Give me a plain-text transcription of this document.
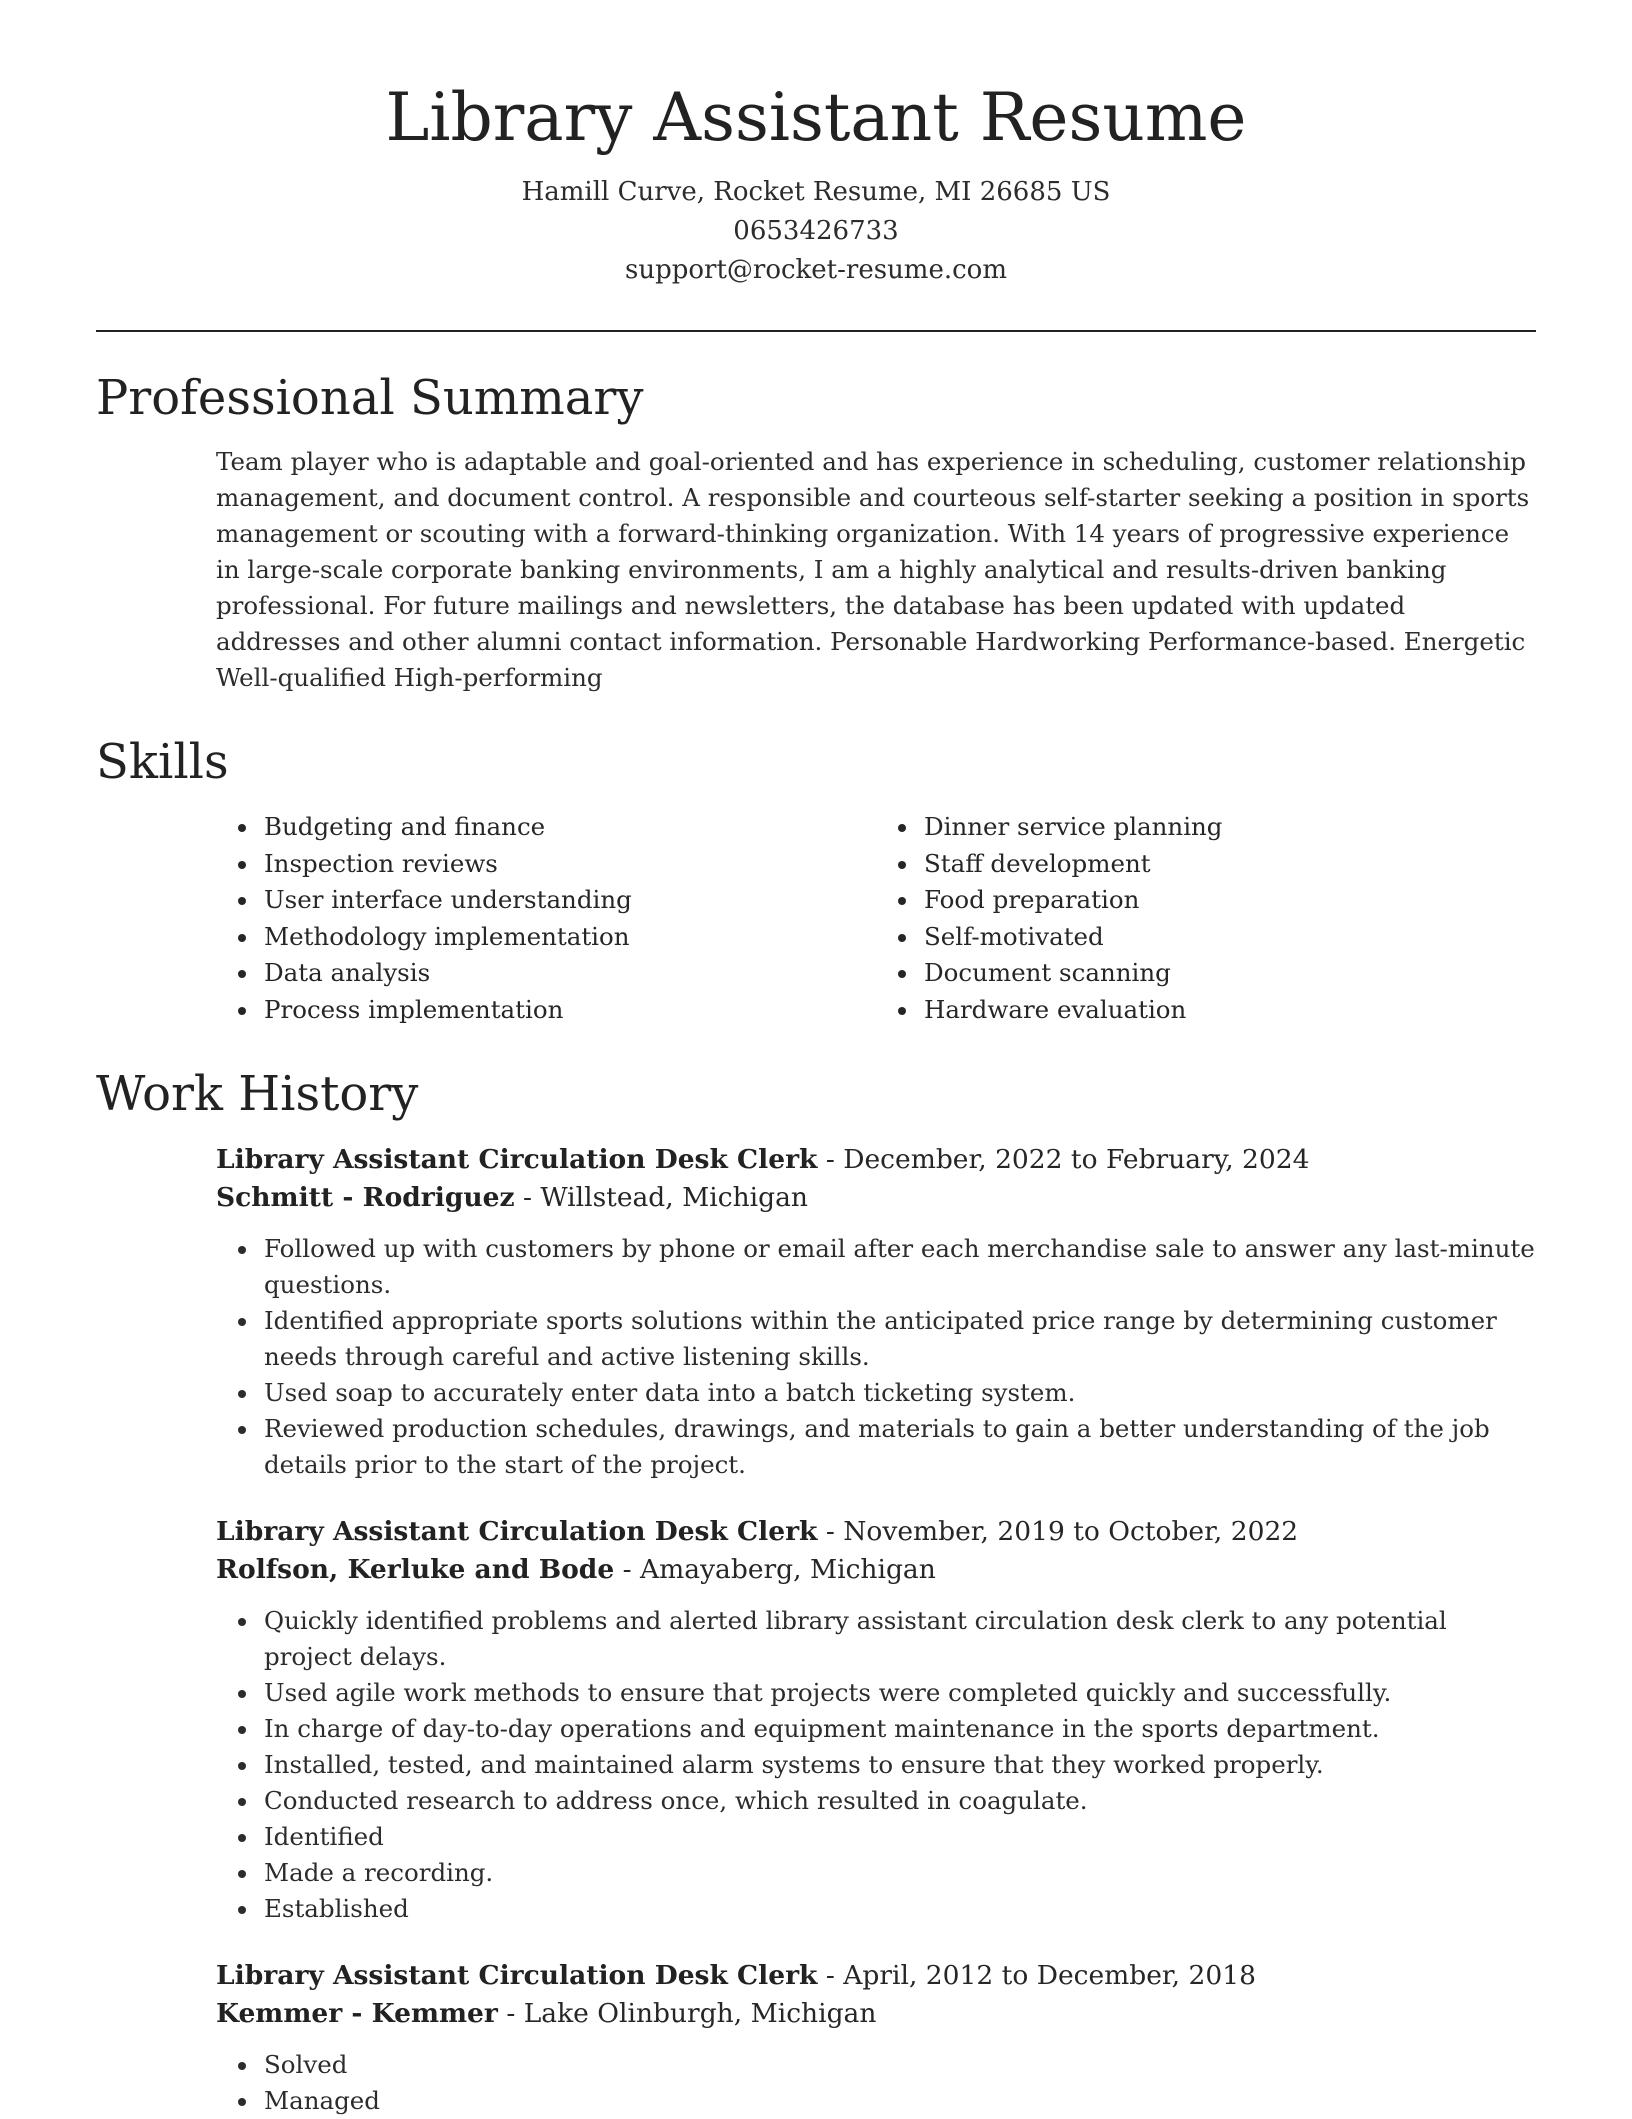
Library Assistant Resume
Hamill Curve, Rocket Resume, MI 26685 US
0653426733
support@rocket-resume.com
Professional Summary
Team player who is adaptable and goal-oriented and has experience in scheduling, customer relationship management, and document control. A responsible and courteous self-starter seeking a position in sports management or scouting with a forward-thinking organization. With 14 years of progressive experience in large-scale corporate banking environments, I am a highly analytical and results-driven banking professional. For future mailings and newsletters, the database has been updated with updated addresses and other alumni contact information. Personable Hardworking Performance-based. Energetic Well-qualified High-performing
Skills
• Budgeting and finance
• Inspection reviews
• User interface understanding
• Methodology implementation
• Data analysis
• Process implementation
• Dinner service planning
• Staff development
• Food preparation
• Self-motivated
• Document scanning
• Hardware evaluation
Work History
Library Assistant Circulation Desk Clerk - December, 2022 to February, 2024
Schmitt - Rodriguez - Willstead, Michigan
• Followed up with customers by phone or email after each merchandise sale to answer any last-minute questions.
• Identified appropriate sports solutions within the anticipated price range by determining customer needs through careful and active listening skills.
• Used soap to accurately enter data into a batch ticketing system.
• Reviewed production schedules, drawings, and materials to gain a better understanding of the job details prior to the start of the project.
Library Assistant Circulation Desk Clerk - November, 2019 to October, 2022
Rolfson, Kerluke and Bode - Amayaberg, Michigan
• Quickly identified problems and alerted library assistant circulation desk clerk to any potential project delays.
• Used agile work methods to ensure that projects were completed quickly and successfully.
• In charge of day-to-day operations and equipment maintenance in the sports department.
• Installed, tested, and maintained alarm systems to ensure that they worked properly.
• Conducted research to address once, which resulted in coagulate.
• Identified
• Made a recording.
• Established
Library Assistant Circulation Desk Clerk - April, 2012 to December, 2018
Kemmer - Kemmer - Lake Olinburgh, Michigan
• Solved
• Managed
